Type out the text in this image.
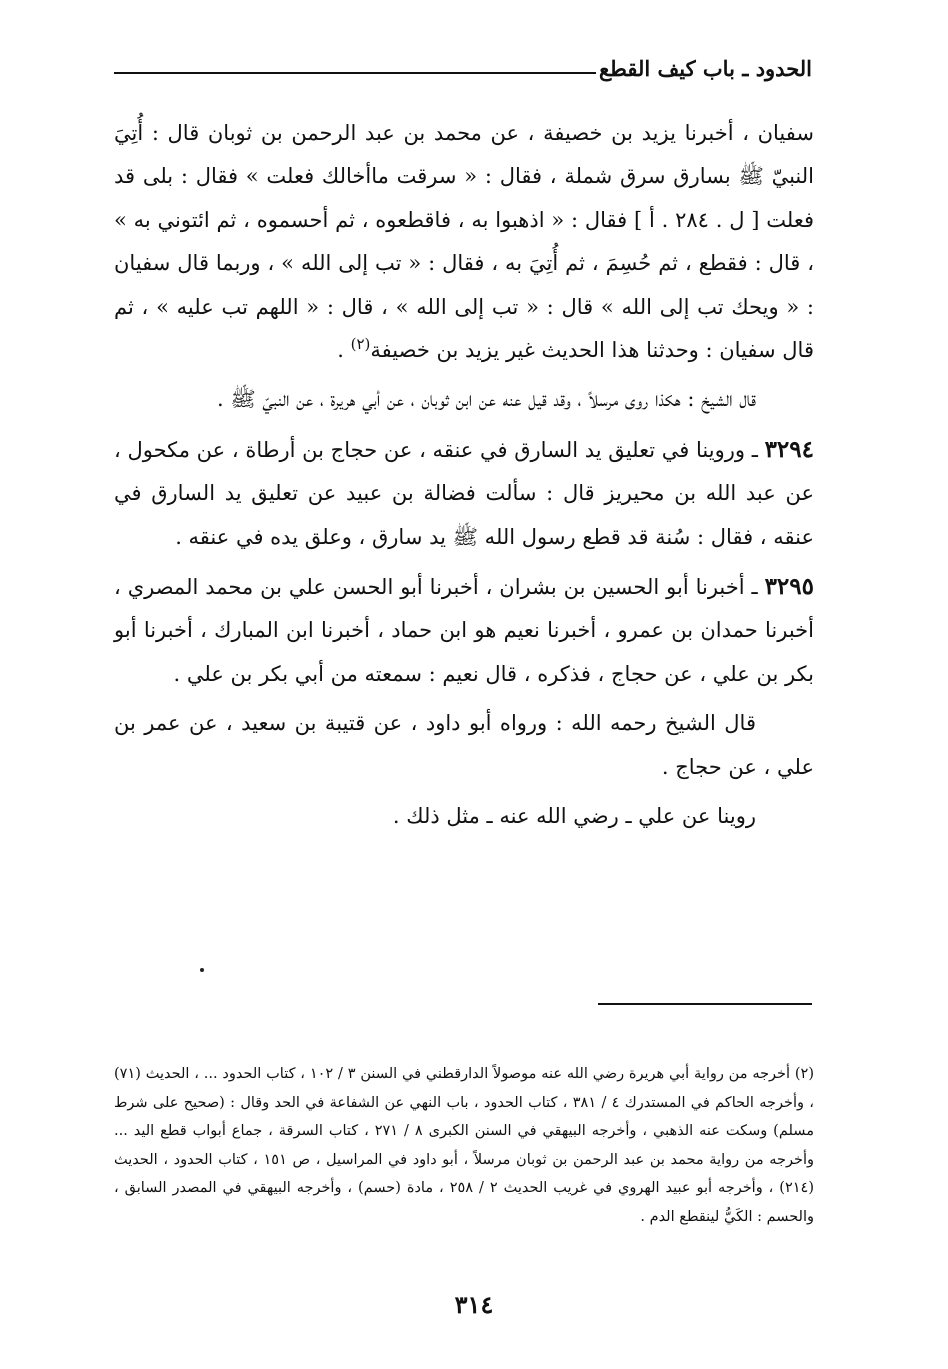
الحدود ـ باب كيف القطع

سفيان ، أخبرنا يزيد بن خصيفة ، عن محمد بن عبد الرحمن بن ثوبان قال : أُتِيَ النبيّ ﷺ بسارق سرق شملة ، فقال : « سرقت ماأخالك فعلت » فقال : بلى قد فعلت [ ل . ٢٨٤ . أ ] فقال : « اذهبوا به ، فاقطعوه ، ثم أحسموه ، ثم ائتوني به » ، قال : فقطع ، ثم حُسِمَ ، ثم أُتِيَ به ، فقال : « تب إلى الله » ، وربما قال سفيان : « ويحك تب إلى الله » قال : « تب إلى الله » ، قال : « اللهم تب عليه » ، ثم قال سفيان : وحدثنا هذا الحديث غير يزيد بن خصيفة$^{(٢)}$ .

قال الشيخ : هكذا روى مرسلاً ، وقد قيل عنه عن ابن ثوبان ، عن أبي هريرة ، عن النبيّ ﷺ .

٣٢٩٤ ـ وروينا في تعليق يد السارق في عنقه ، عن حجاج بن أرطاة ، عن مكحول ، عن عبد الله بن محيريز قال : سألت فضالة بن عبيد عن تعليق يد السارق في عنقه ، فقال : سُنة قد قطع رسول الله ﷺ يد سارق ، وعلق يده في عنقه .

٣٢٩٥ ـ أخبرنا أبو الحسين بن بشران ، أخبرنا أبو الحسن علي بن محمد المصري ، أخبرنا حمدان بن عمرو ، أخبرنا نعيم هو ابن حماد ، أخبرنا ابن المبارك ، أخبرنا أبو بكر بن علي ، عن حجاج ، فذكره ، قال نعيم : سمعته من أبي بكر بن علي .

قال الشيخ رحمه الله : ورواه أبو داود ، عن قتيبة بن سعيد ، عن عمر بن علي ، عن حجاج .

روينا عن علي ـ رضي الله عنه ـ مثل ذلك .

(٢) أخرجه من رواية أبي هريرة رضي الله عنه موصولاً الدارقطني في السنن ٣ / ١٠٢ ، كتاب الحدود ... ، الحديث (٧١) ، وأخرجه الحاكم في المستدرك ٤ / ٣٨١ ، كتاب الحدود ، باب النهي عن الشفاعة في الحد وقال : (صحيح على شرط مسلم) وسكت عنه الذهبي ، وأخرجه البيهقي في السنن الكبرى ٨ / ٢٧١ ، كتاب السرقة ، جماع أبواب قطع اليد ... وأخرجه من رواية محمد بن عبد الرحمن بن ثوبان مرسلاً ، أبو داود في المراسيل ، ص ١٥١ ، كتاب الحدود ، الحديث (٢١٤) ، وأخرجه أبو عبيد الهروي في غريب الحديث ٢ / ٢٥٨ ، مادة (حسم) ، وأخرجه البيهقي في المصدر السابق ، والحسم : الكَيُّ لينقطع الدم .

٣١٤
